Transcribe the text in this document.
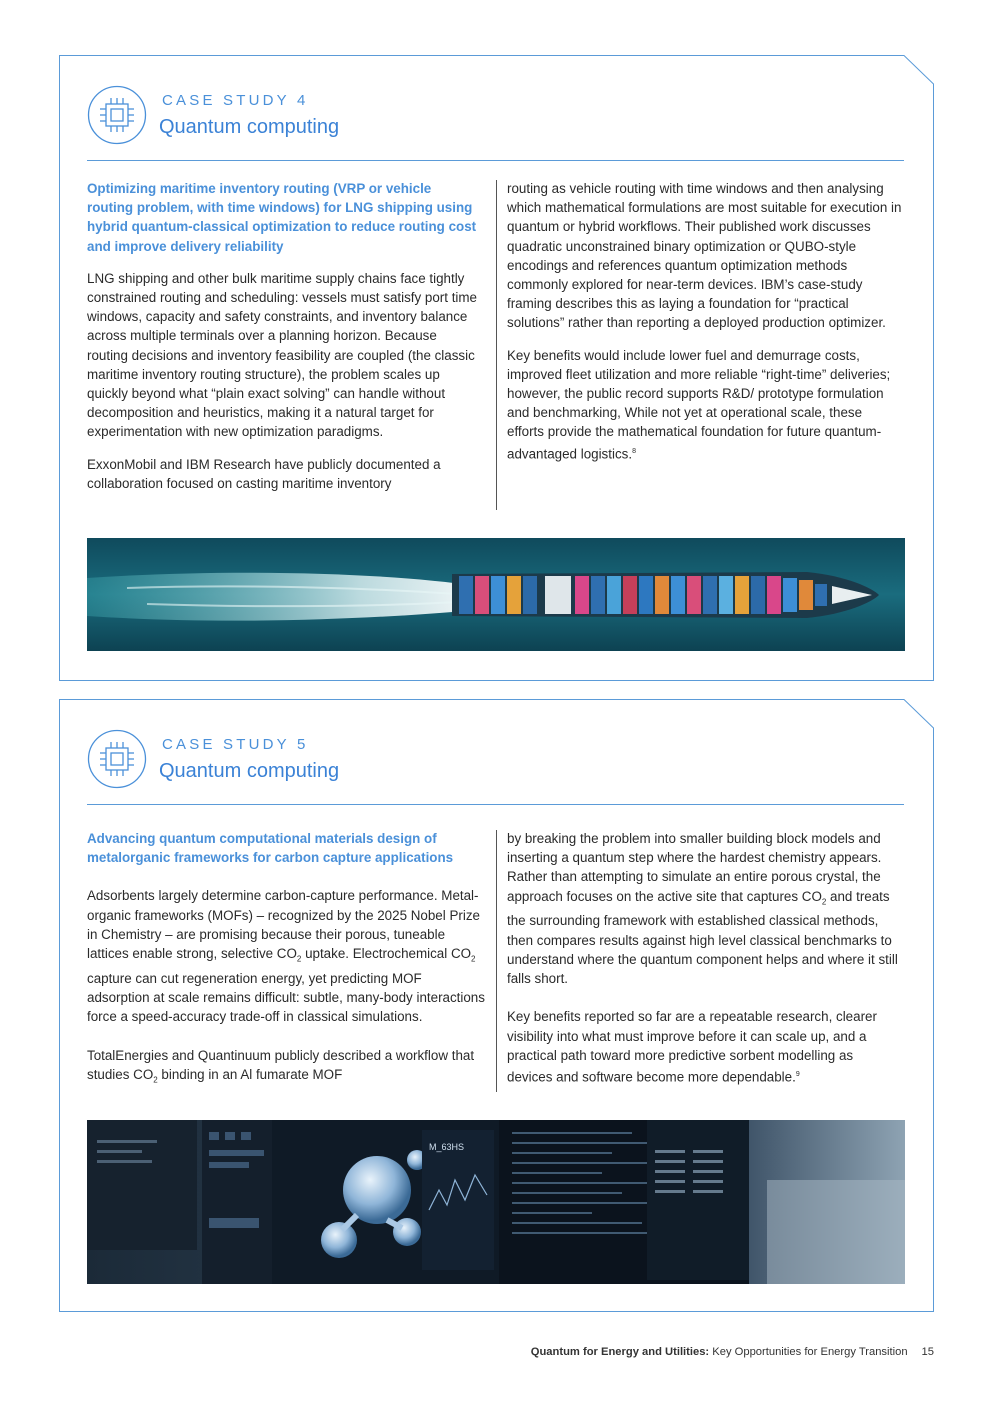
CASE STUDY 4
Quantum computing

Optimizing maritime inventory routing (VRP or vehicle routing problem, with time windows) for LNG shipping using hybrid quantum-classical optimization to reduce routing cost and improve delivery reliability

LNG shipping and other bulk maritime supply chains face tightly constrained routing and scheduling: vessels must satisfy port time windows, capacity and safety constraints, and inventory balance across multiple terminals over a planning horizon. Because routing decisions and inventory feasibility are coupled (the classic maritime inventory routing structure), the problem scales up quickly beyond what “plain exact solving” can handle without decomposition and heuristics, making it a natural target for experimentation with new optimization paradigms.

ExxonMobil and IBM Research have publicly documented a collaboration focused on casting maritime inventory

routing as vehicle routing with time windows and then analysing which mathematical formulations are most suitable for execution in quantum or hybrid workflows. Their published work discusses quadratic unconstrained binary optimization or QUBO-style encodings and references quantum optimization methods commonly explored for near-term devices. IBM’s case-study framing describes this as laying a foundation for “practical solutions” rather than reporting a deployed production optimizer.

Key benefits would include lower fuel and demurrage costs, improved fleet utilization and more reliable “right-time” deliveries; however, the public record supports R&D/ prototype formulation and benchmarking, While not yet at operational scale, these efforts provide the mathematical foundation for future quantum-advantaged logistics.$^8$

CASE STUDY 5
Quantum computing

Advancing quantum computational materials design of metalorganic frameworks for carbon capture applications

Adsorbents largely determine carbon-capture performance. Metal-organic frameworks (MOFs) – recognized by the 2025 Nobel Prize in Chemistry – are promising because their porous, tuneable lattices enable strong, selective $CO_2$ uptake. Electrochemical $CO_2$ capture can cut regeneration energy, yet predicting MOF adsorption at scale remains difficult: subtle, many-body interactions force a speed-accuracy trade-off in classical simulations.

TotalEnergies and Quantinuum publicly described a workflow that studies $CO_2$ binding in an Al fumarate MOF

by breaking the problem into smaller building block models and inserting a quantum step where the hardest chemistry appears. Rather than attempting to simulate an entire porous crystal, the approach focuses on the active site that captures $CO_2$ and treats the surrounding framework with established classical methods, then compares results against high level classical benchmarks to understand where the quantum component helps and where it still falls short.

Key benefits reported so far are a repeatable research, clearer visibility into what must improve before it can scale up, and a practical path toward more predictive sorbent modelling as devices and software become more dependable.$^9$

M_63HS
Quantum for Energy and Utilities: Key Opportunities for Energy Transition 15
